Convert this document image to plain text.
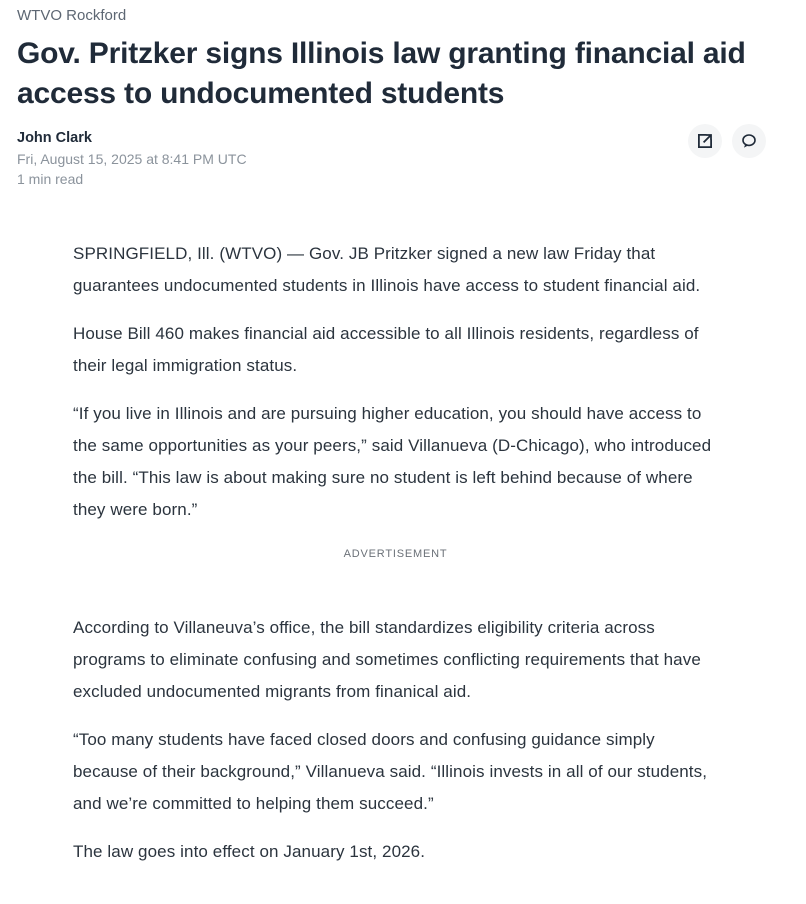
WTVO Rockford
Gov. Pritzker signs Illinois law granting financial aid access to undocumented students
John Clark
Fri, August 15, 2025 at 8:41 PM UTC
1 min read

SPRINGFIELD, Ill. (WTVO) — Gov. JB Pritzker signed a new law Friday that guarantees undocumented students in Illinois have access to student financial aid.

House Bill 460 makes financial aid accessible to all Illinois residents, regardless of their legal immigration status.

“If you live in Illinois and are pursuing higher education, you should have access to the same opportunities as your peers,” said Villanueva (D-Chicago), who introduced the bill. “This law is about making sure no student is left behind because of where they were born.”

ADVERTISEMENT

According to Villaneuva’s office, the bill standardizes eligibility criteria across programs to eliminate confusing and sometimes conflicting requirements that have excluded undocumented migrants from finanical aid.

“Too many students have faced closed doors and confusing guidance simply because of their background,” Villanueva said. “Illinois invests in all of our students, and we’re committed to helping them succeed.”

The law goes into effect on January 1st, 2026.
